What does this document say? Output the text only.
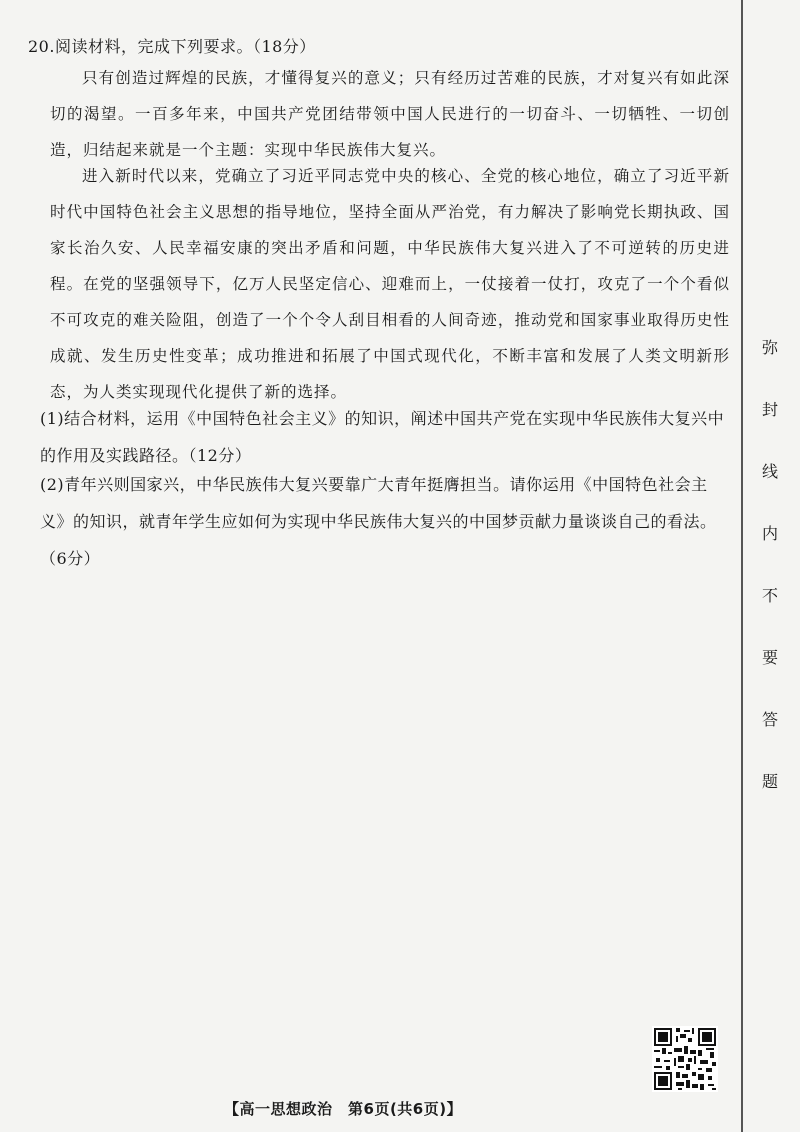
20.阅读材料，完成下列要求。（18分）
只有创造过辉煌的民族，才懂得复兴的意义；只有经历过苦难的民族，才对复兴有如此深切的渴望。一百多年来，中国共产党团结带领中国人民进行的一切奋斗、一切牺牲、一切创造，归结起来就是一个主题：实现中华民族伟大复兴。
进入新时代以来，党确立了习近平同志党中央的核心、全党的核心地位，确立了习近平新时代中国特色社会主义思想的指导地位，坚持全面从严治党，有力解决了影响党长期执政、国家长治久安、人民幸福安康的突出矛盾和问题，中华民族伟大复兴进入了不可逆转的历史进程。在党的坚强领导下，亿万人民坚定信心、迎难而上，一仗接着一仗打，攻克了一个个看似不可攻克的难关险阻，创造了一个个令人刮目相看的人间奇迹，推动党和国家事业取得历史性成就、发生历史性变革；成功推进和拓展了中国式现代化，不断丰富和发展了人类文明新形态，为人类实现现代化提供了新的选择。
(1)结合材料，运用《中国特色社会主义》的知识，阐述中国共产党在实现中华民族伟大复兴中的作用及实践路径。（12分）
(2)青年兴则国家兴，中华民族伟大复兴要靠广大青年挺膺担当。请你运用《中国特色社会主义》的知识，就青年学生应如何为实现中华民族伟大复兴的中国梦贡献力量谈谈自己的看法。（6分）
弥
封
线
内
不
要
答
题
【高一思想政治　第6页(共6页)】
